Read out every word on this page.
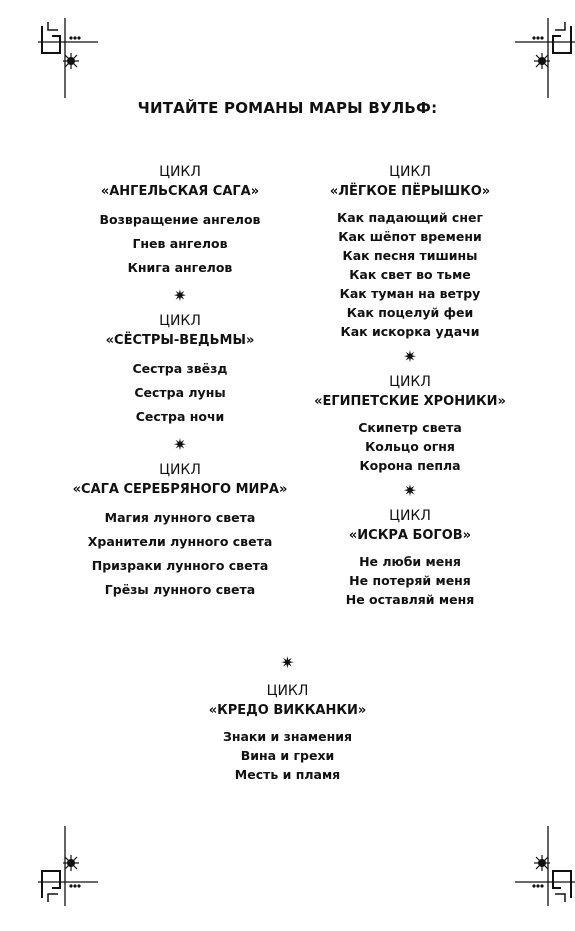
ЧИТАЙТЕ РОМАНЫ МАРЫ ВУЛЬФ:
ЦИКЛ
«АНГЕЛЬСКАЯ САГА»
Возвращение ангелов
Гнев ангелов
Книга ангелов
✷
ЦИКЛ
«СЁСТРЫ-ВЕДЬМЫ»
Сестра звёзд
Сестра луны
Сестра ночи
✷
ЦИКЛ
«САГА СЕРЕБРЯНОГО МИРА»
Магия лунного света
Хранители лунного света
Призраки лунного света
Грёзы лунного света
ЦИКЛ
«ЛЁГКОЕ ПЁРЫШКО»
Как падающий снег
Как шёпот времени
Как песня тишины
Как свет во тьме
Как туман на ветру
Как поцелуй феи
Как искорка удачи
✷
ЦИКЛ
«ЕГИПЕТСКИЕ ХРОНИКИ»
Скипетр света
Кольцо огня
Корона пепла
✷
ЦИКЛ
«ИСКРА БОГОВ»
Не люби меня
Не потеряй меня
Не оставляй меня
✷
ЦИКЛ
«КРЕДО ВИККАНКИ»
Знаки и знамения
Вина и грехи
Месть и пламя
